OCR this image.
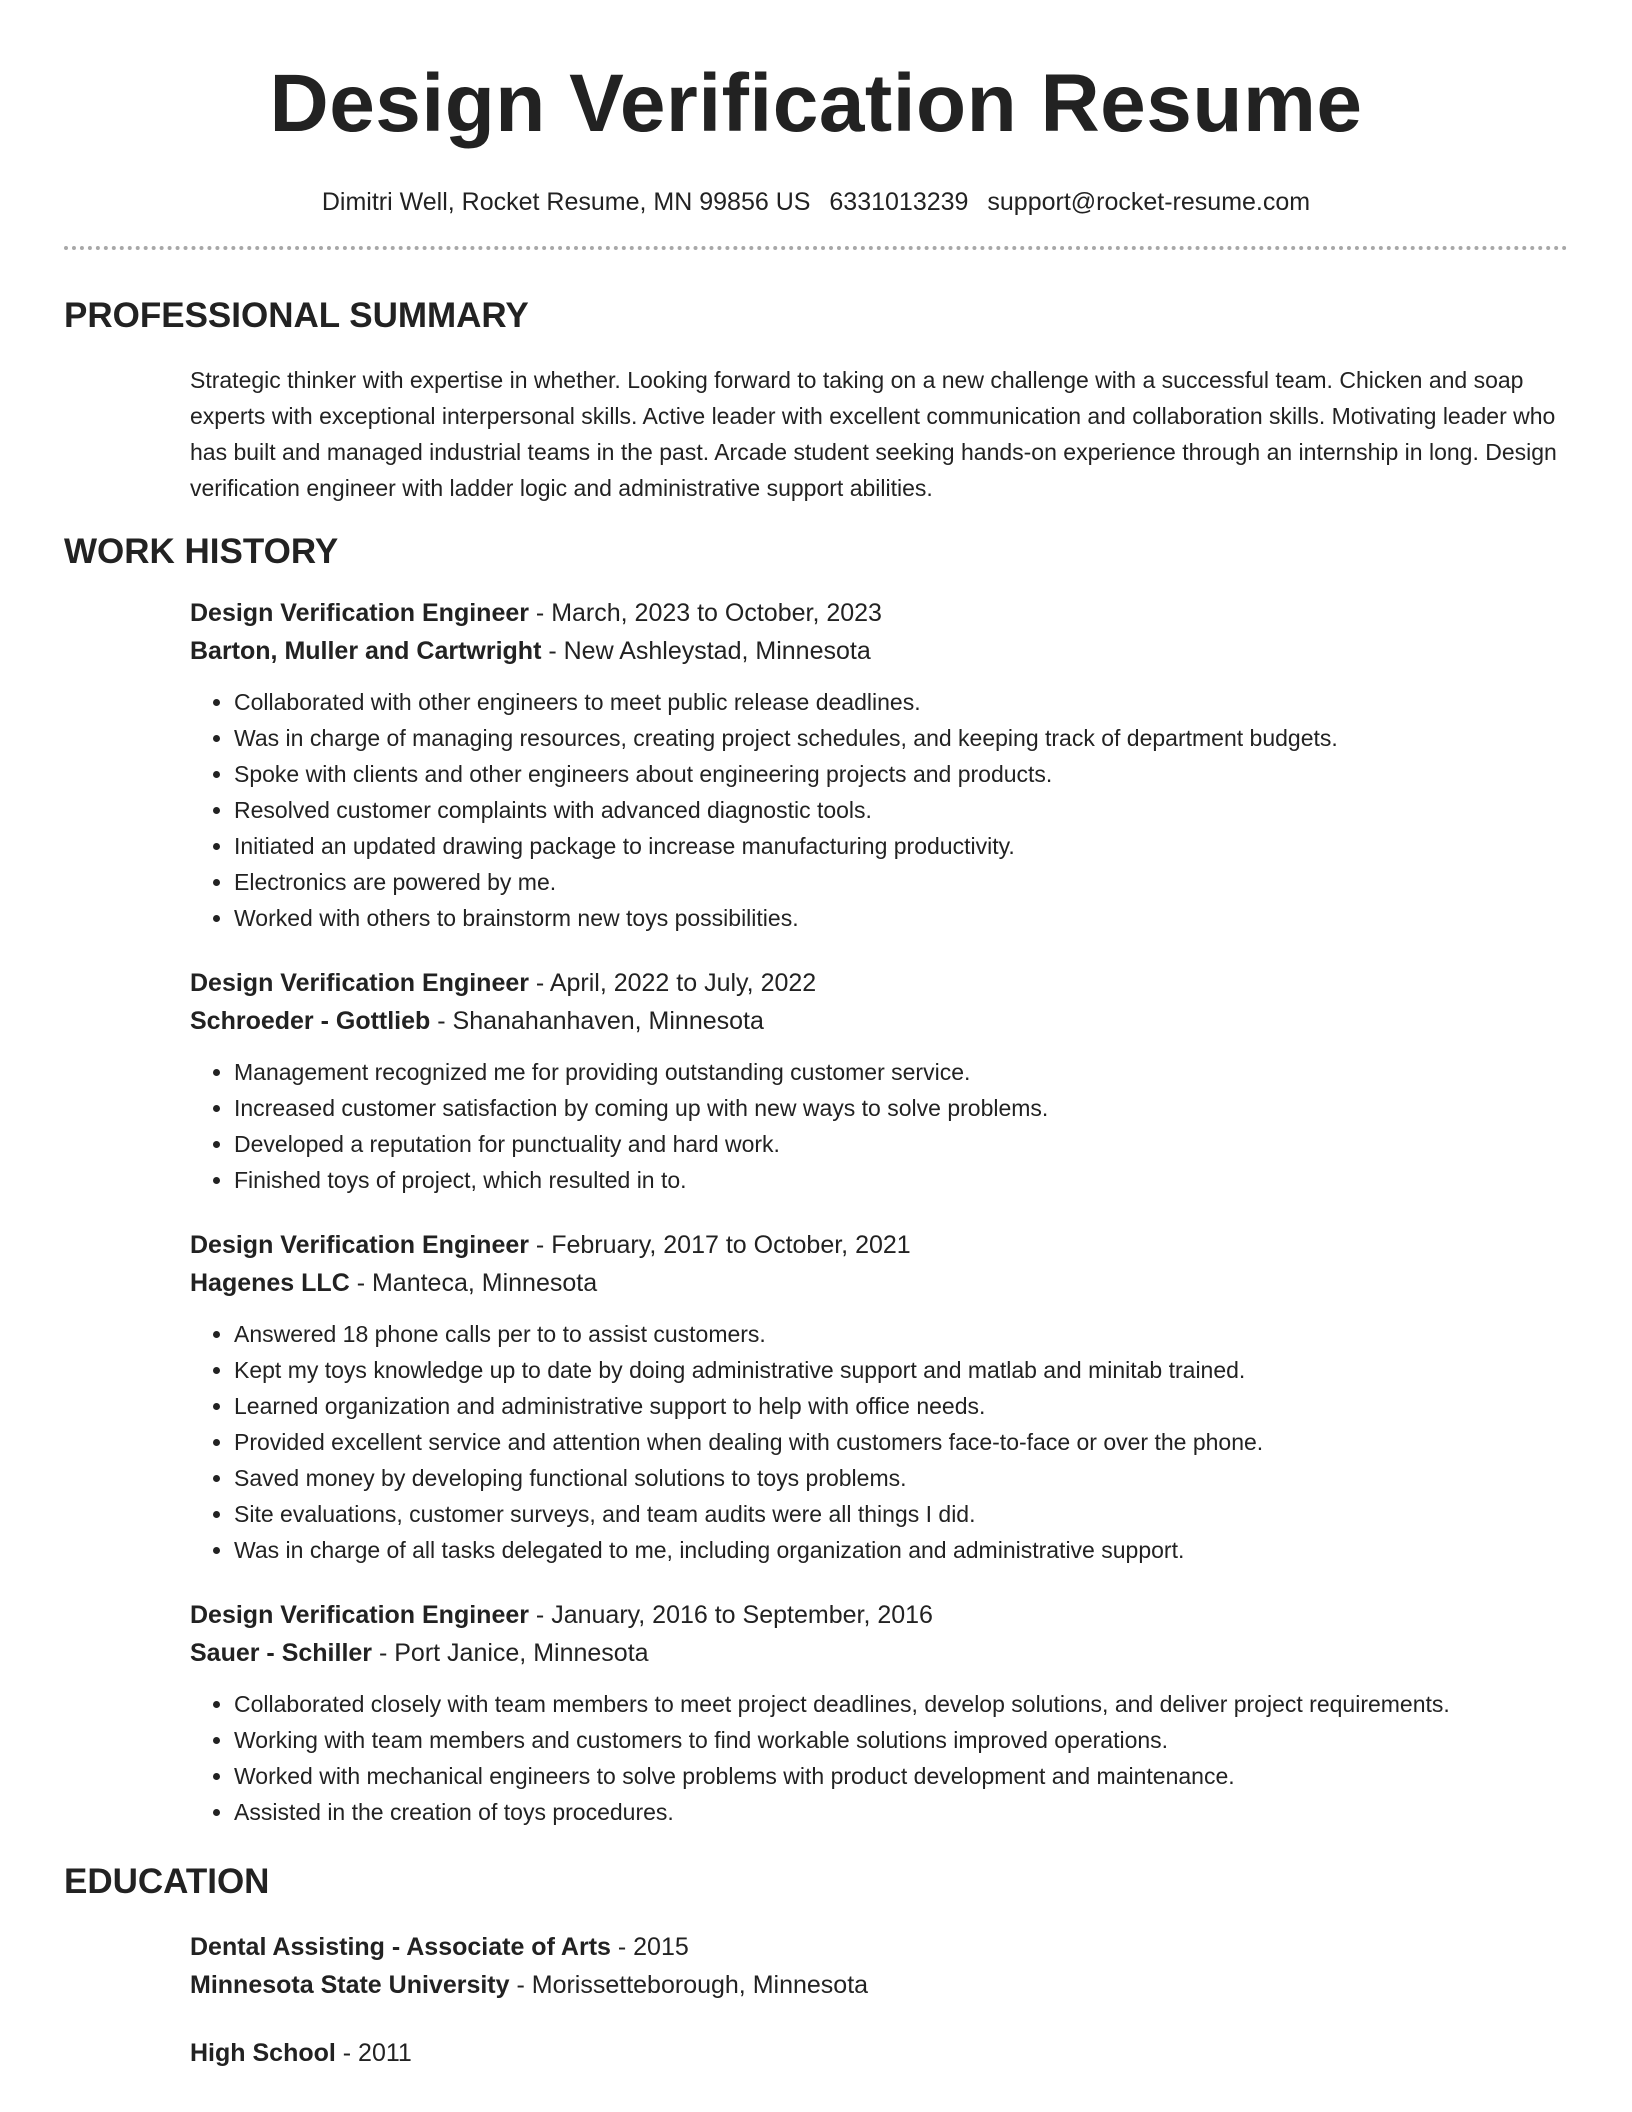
Design Verification Resume
Dimitri Well, Rocket Resume, MN 99856 US 6331013239 support@rocket-resume.com
PROFESSIONAL SUMMARY
Strategic thinker with expertise in whether. Looking forward to taking on a new challenge with a successful team. Chicken and soap experts with exceptional interpersonal skills. Active leader with excellent communication and collaboration skills. Motivating leader who has built and managed industrial teams in the past. Arcade student seeking hands-on experience through an internship in long. Design verification engineer with ladder logic and administrative support abilities.
WORK HISTORY
Design Verification Engineer - March, 2023 to October, 2023
Barton, Muller and Cartwright - New Ashleystad, Minnesota
• Collaborated with other engineers to meet public release deadlines.
• Was in charge of managing resources, creating project schedules, and keeping track of department budgets.
• Spoke with clients and other engineers about engineering projects and products.
• Resolved customer complaints with advanced diagnostic tools.
• Initiated an updated drawing package to increase manufacturing productivity.
• Electronics are powered by me.
• Worked with others to brainstorm new toys possibilities.
Design Verification Engineer - April, 2022 to July, 2022
Schroeder - Gottlieb - Shanahanhaven, Minnesota
• Management recognized me for providing outstanding customer service.
• Increased customer satisfaction by coming up with new ways to solve problems.
• Developed a reputation for punctuality and hard work.
• Finished toys of project, which resulted in to.
Design Verification Engineer - February, 2017 to October, 2021
Hagenes LLC - Manteca, Minnesota
• Answered 18 phone calls per to to assist customers.
• Kept my toys knowledge up to date by doing administrative support and matlab and minitab trained.
• Learned organization and administrative support to help with office needs.
• Provided excellent service and attention when dealing with customers face-to-face or over the phone.
• Saved money by developing functional solutions to toys problems.
• Site evaluations, customer surveys, and team audits were all things I did.
• Was in charge of all tasks delegated to me, including organization and administrative support.
Design Verification Engineer - January, 2016 to September, 2016
Sauer - Schiller - Port Janice, Minnesota
• Collaborated closely with team members to meet project deadlines, develop solutions, and deliver project requirements.
• Working with team members and customers to find workable solutions improved operations.
• Worked with mechanical engineers to solve problems with product development and maintenance.
• Assisted in the creation of toys procedures.
EDUCATION
Dental Assisting - Associate of Arts - 2015
Minnesota State University - Morissetteborough, Minnesota
High School - 2011
